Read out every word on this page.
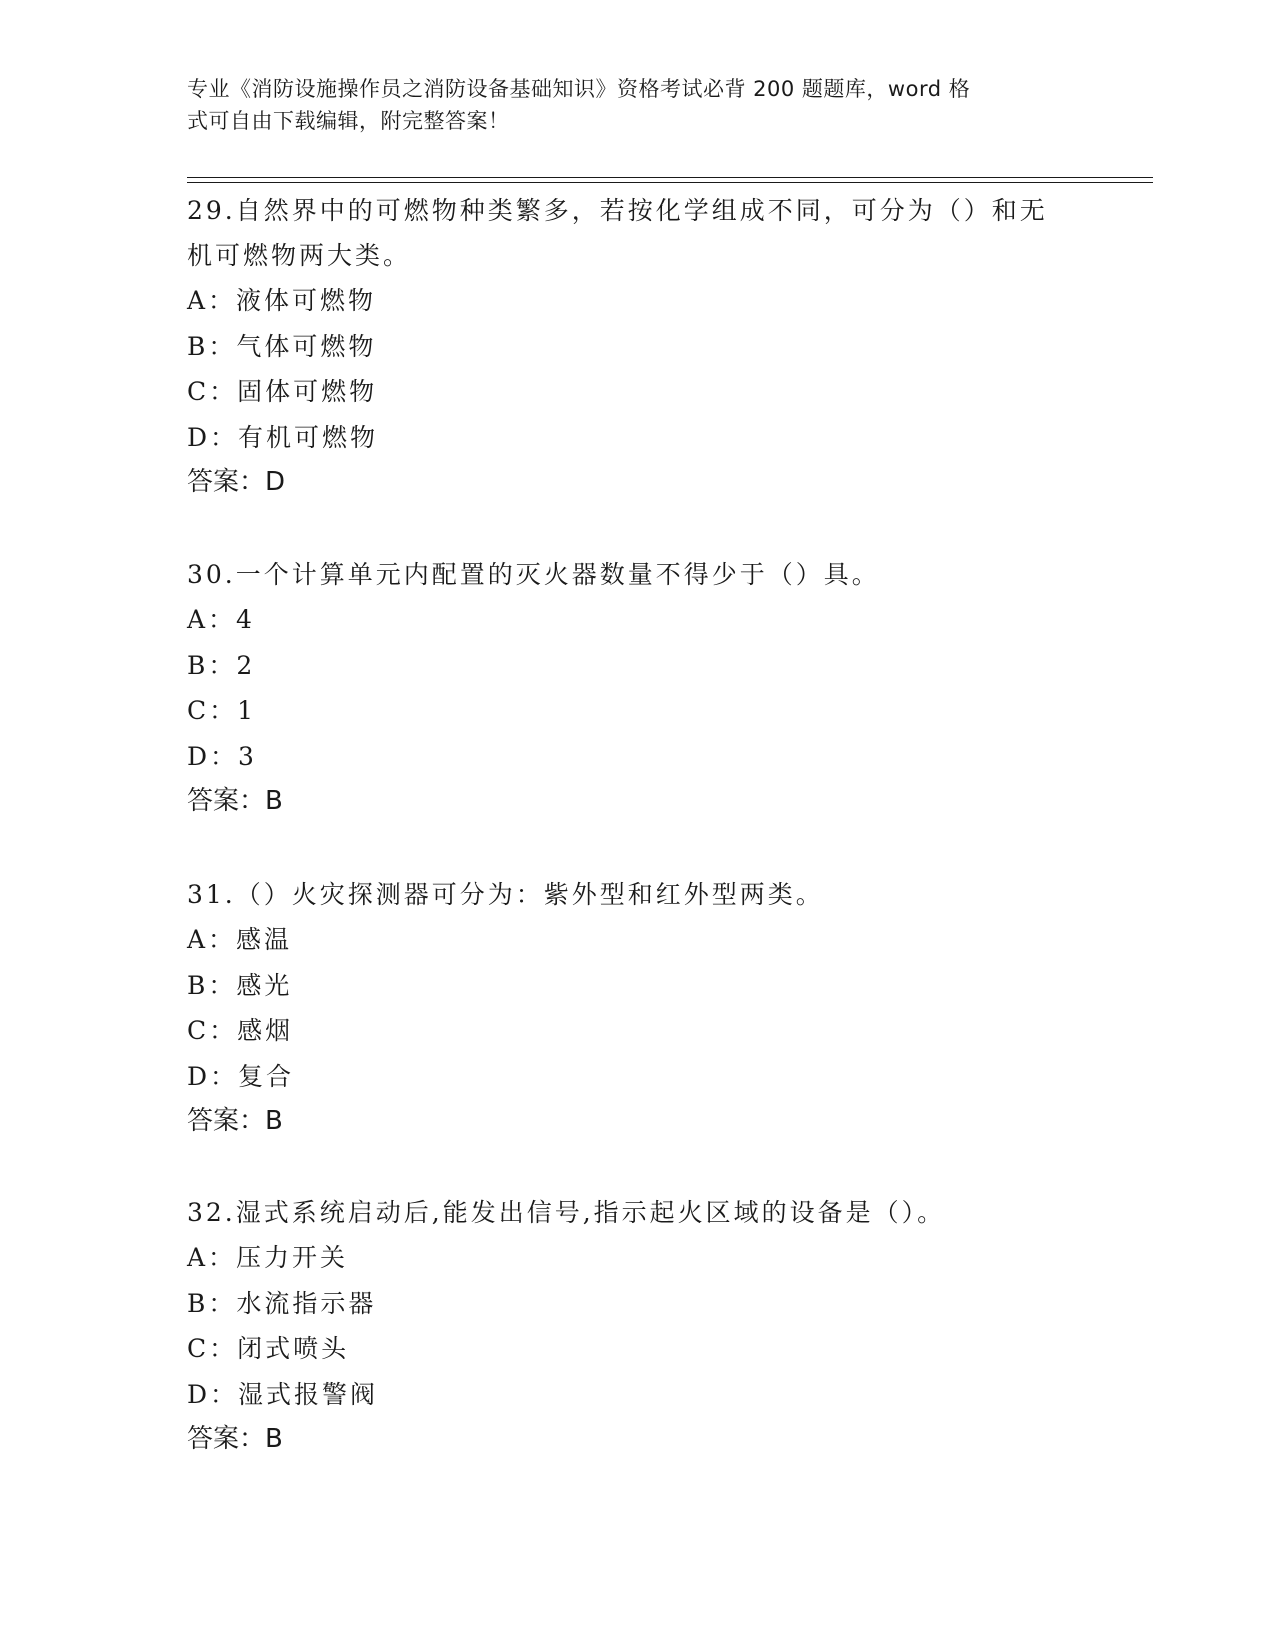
专业《消防设施操作员之消防设备基础知识》资格考试必背 200 题题库，word 格
式可自由下载编辑，附完整答案！

29.自然界中的可燃物种类繁多，若按化学组成不同，可分为（）和无

机可燃物两大类。

A：液体可燃物

B：气体可燃物

C：固体可燃物

D：有机可燃物

答案：D

30.一个计算单元内配置的灭火器数量不得少于（）具。

A：4

B：2

C：1

D：3

答案：B

31.（）火灾探测器可分为：紫外型和红外型两类。

A：感温

B：感光

C：感烟

D：复合

答案：B

32.湿式系统启动后,能发出信号,指示起火区域的设备是（）。

A：压力开关

B：水流指示器

C：闭式喷头

D：湿式报警阀

答案：B
